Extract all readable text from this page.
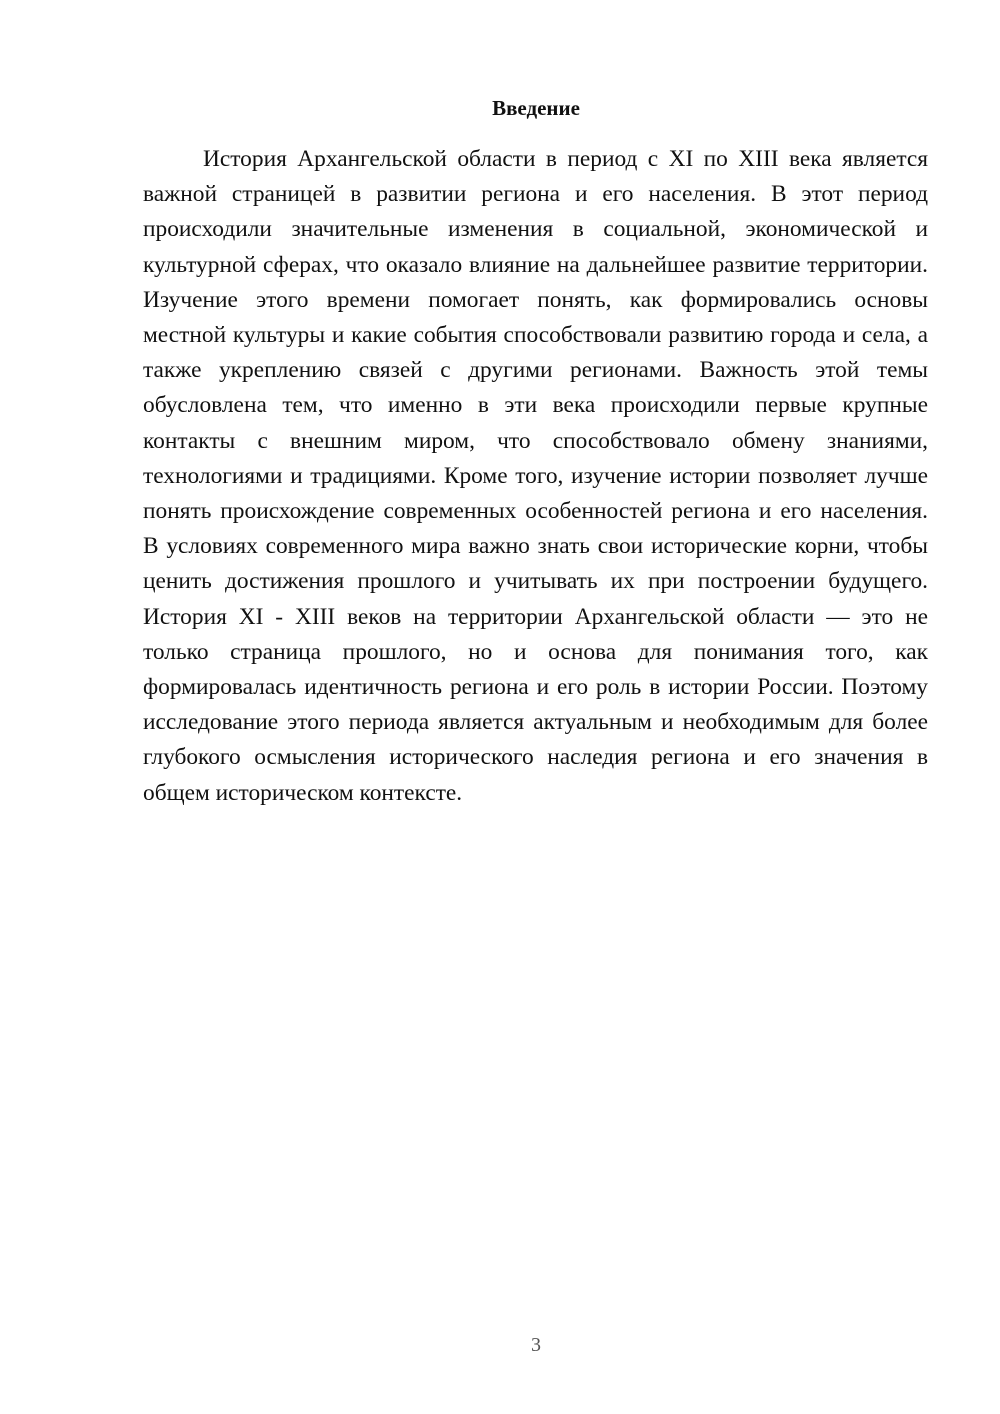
Введение

История Архангельской области в период с XI по XIII века является важной страницей в развитии региона и его населения. В этот период происходили значительные изменения в социальной, экономической и культурной сферах, что оказало влияние на дальнейшее развитие территории. Изучение этого времени помогает понять, как формировались основы местной культуры и какие события способствовали развитию города и села, а также укреплению связей с другими регионами. Важность этой темы обусловлена тем, что именно в эти века происходили первые крупные контакты с внешним миром, что способствовало обмену знаниями, технологиями и традициями. Кроме того, изучение истории позволяет лучше понять происхождение современных особенностей региона и его населения. В условиях современного мира важно знать свои исторические корни, чтобы ценить достижения прошлого и учитывать их при построении будущего. История XI - XIII веков на территории Архангельской области — это не только страница прошлого, но и основа для понимания того, как формировалась идентичность региона и его роль в истории России. Поэтому исследование этого периода является актуальным и необходимым для более глубокого осмысления исторического наследия региона и его значения в общем историческом контексте.

3
